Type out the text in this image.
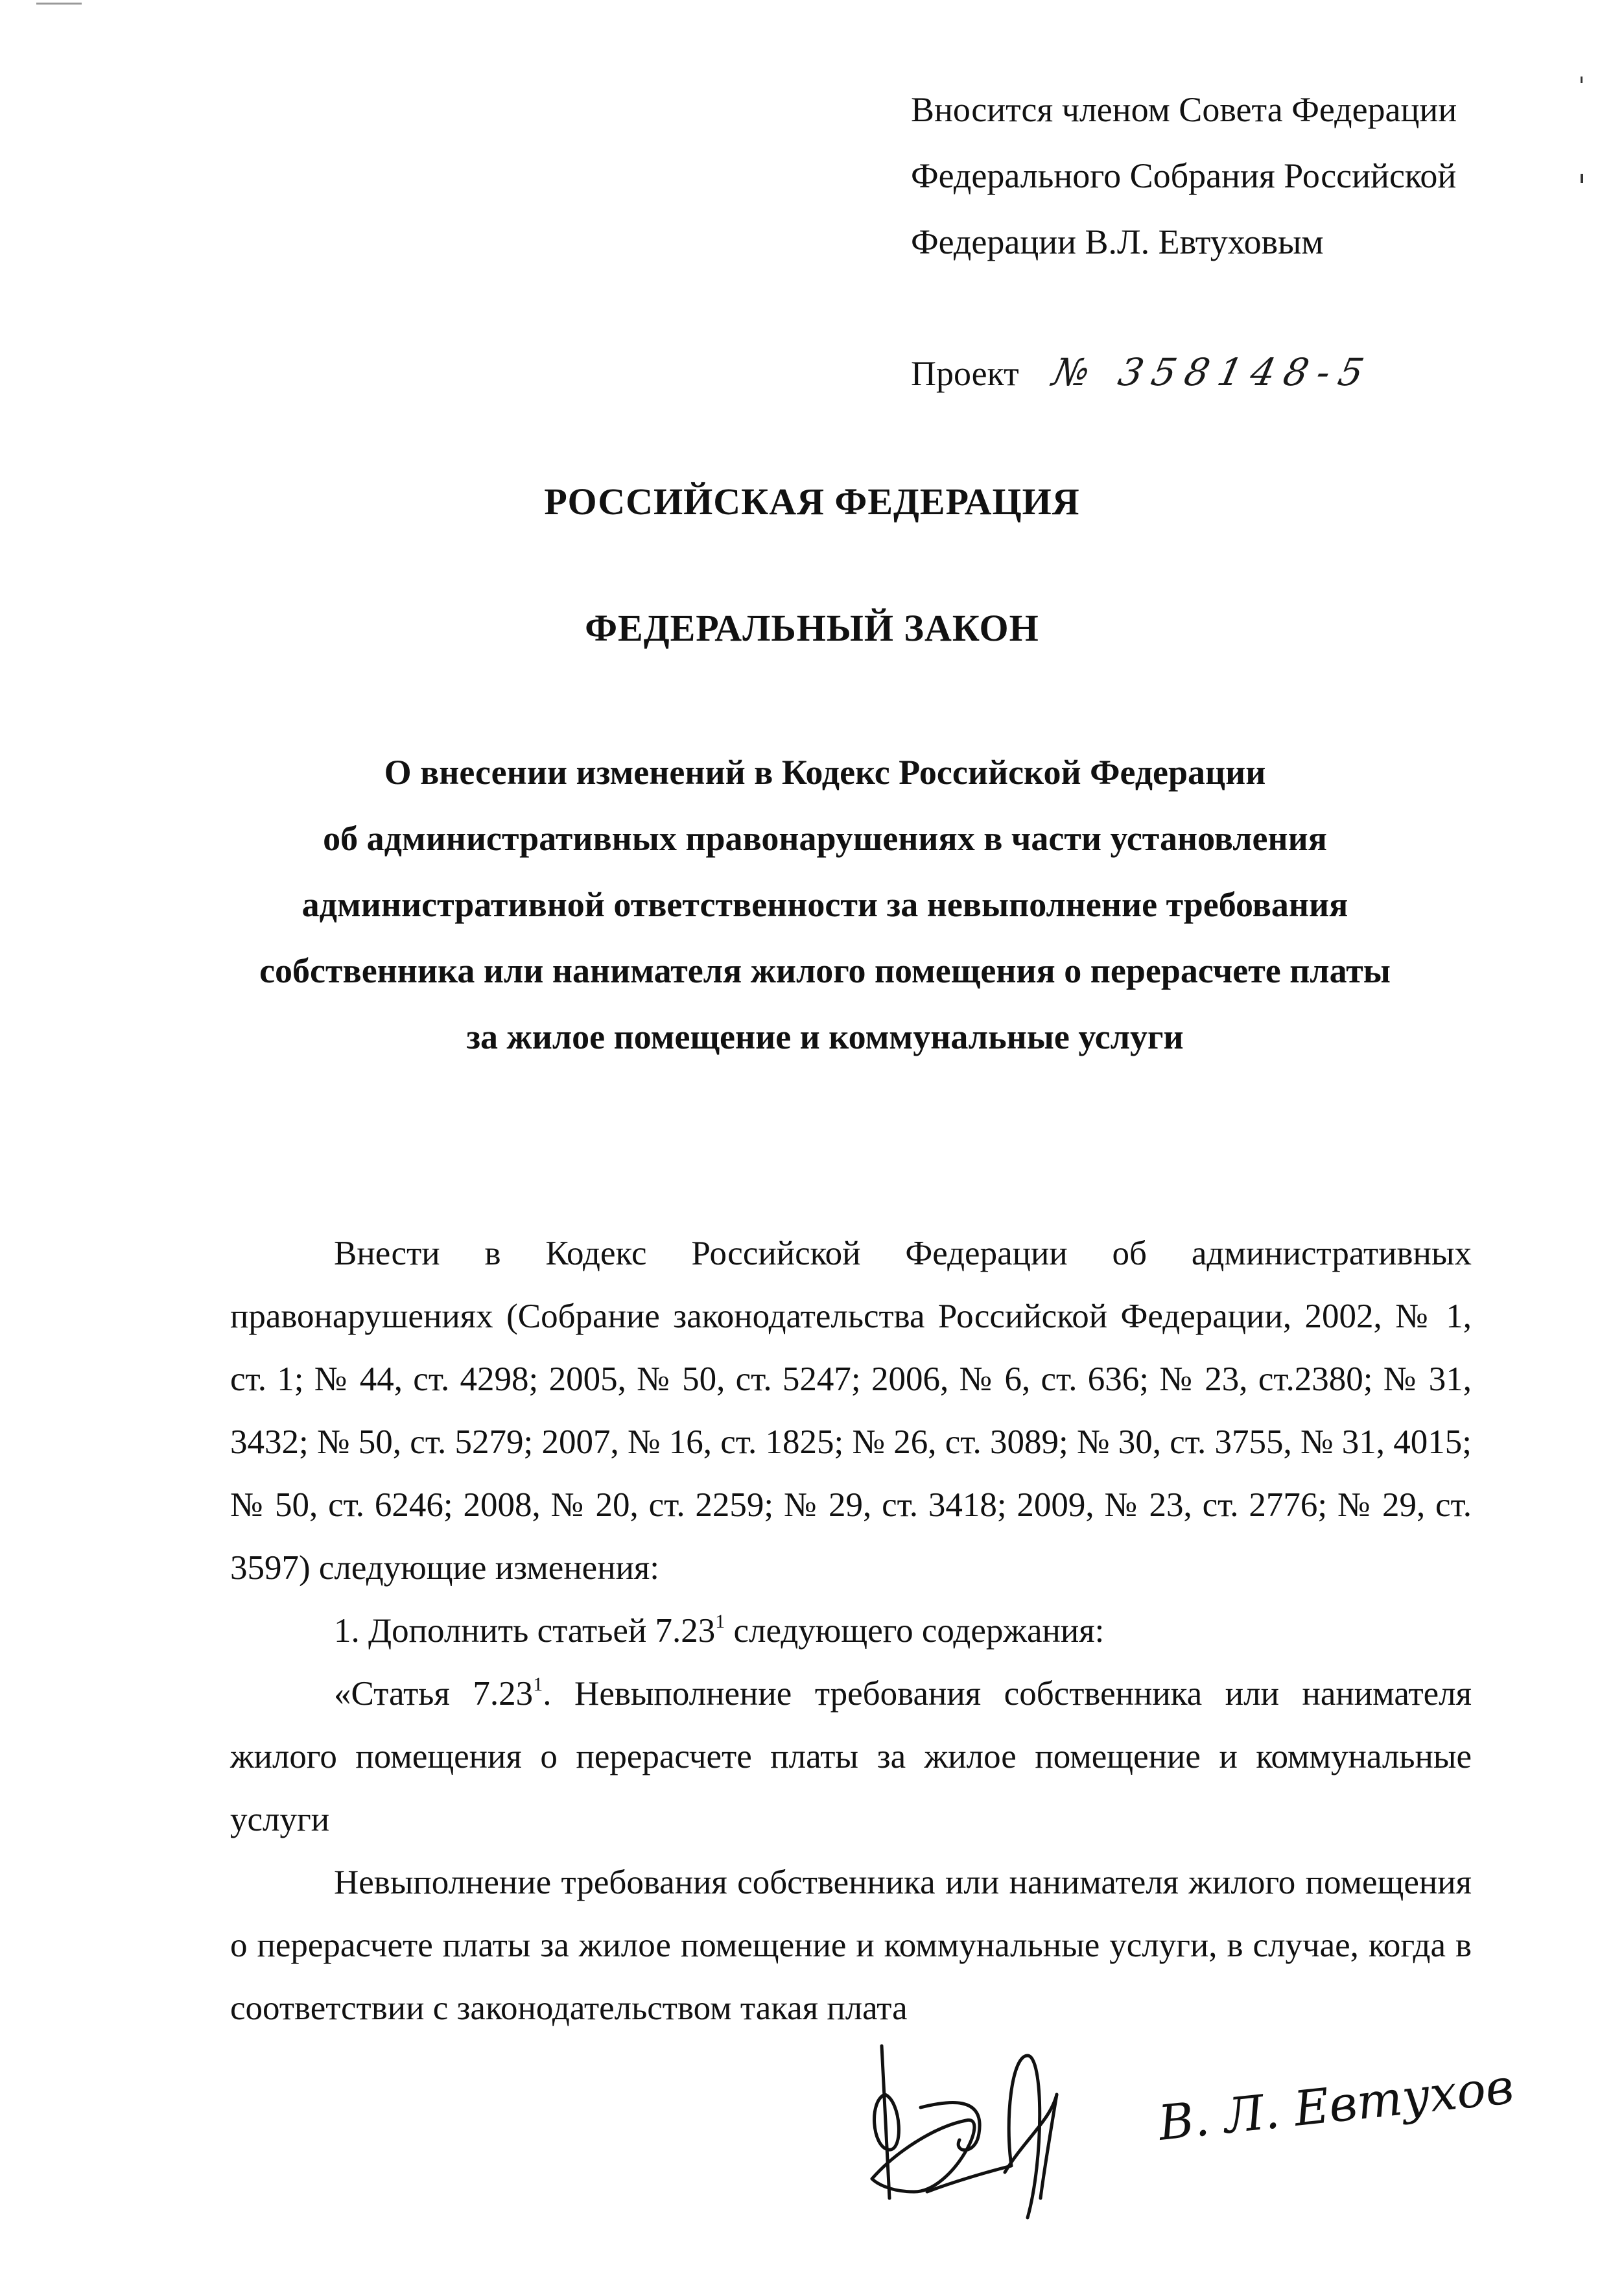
Вносится членом Совета Федерации
Федерального Собрания Российской
Федерации В.Л. Евтуховым
Проект № 358148-5
РОССИЙСКАЯ ФЕДЕРАЦИЯ
ФЕДЕРАЛЬНЫЙ ЗАКОН
О внесении изменений в Кодекс Российской Федерации
об административных правонарушениях в части установления
административной ответственности за невыполнение требования
собственника или нанимателя жилого помещения о перерасчете платы
за жилое помещение и коммунальные услуги

Внести в Кодекс Российской Федерации об административных правонарушениях (Собрание законодательства Российской Федерации, 2002, № 1, ст. 1; № 44, ст. 4298; 2005, № 50, ст. 5247; 2006, № 6, ст. 636; № 23, ст.2380; № 31, 3432; № 50, ст. 5279; 2007, № 16, ст. 1825; № 26, ст. 3089; № 30, ст. 3755, № 31, 4015; № 50, ст. 6246; 2008, № 20, ст. 2259; № 29, ст. 3418; 2009, № 23, ст. 2776; № 29, ст. 3597) следующие изменения:

1. Дополнить статьей 7.23$^1$ следующего содержания:

«Статья 7.23$^1$. Невыполнение требования собственника или нанимателя жилого помещения о перерасчете платы за жилое помещение и коммунальные услуги

Невыполнение требования собственника или нанимателя жилого помещения о перерасчете платы за жилое помещение и коммунальные услуги, в случае, когда в соответствии с законодательством такая плата

В. Л. Евтухов
